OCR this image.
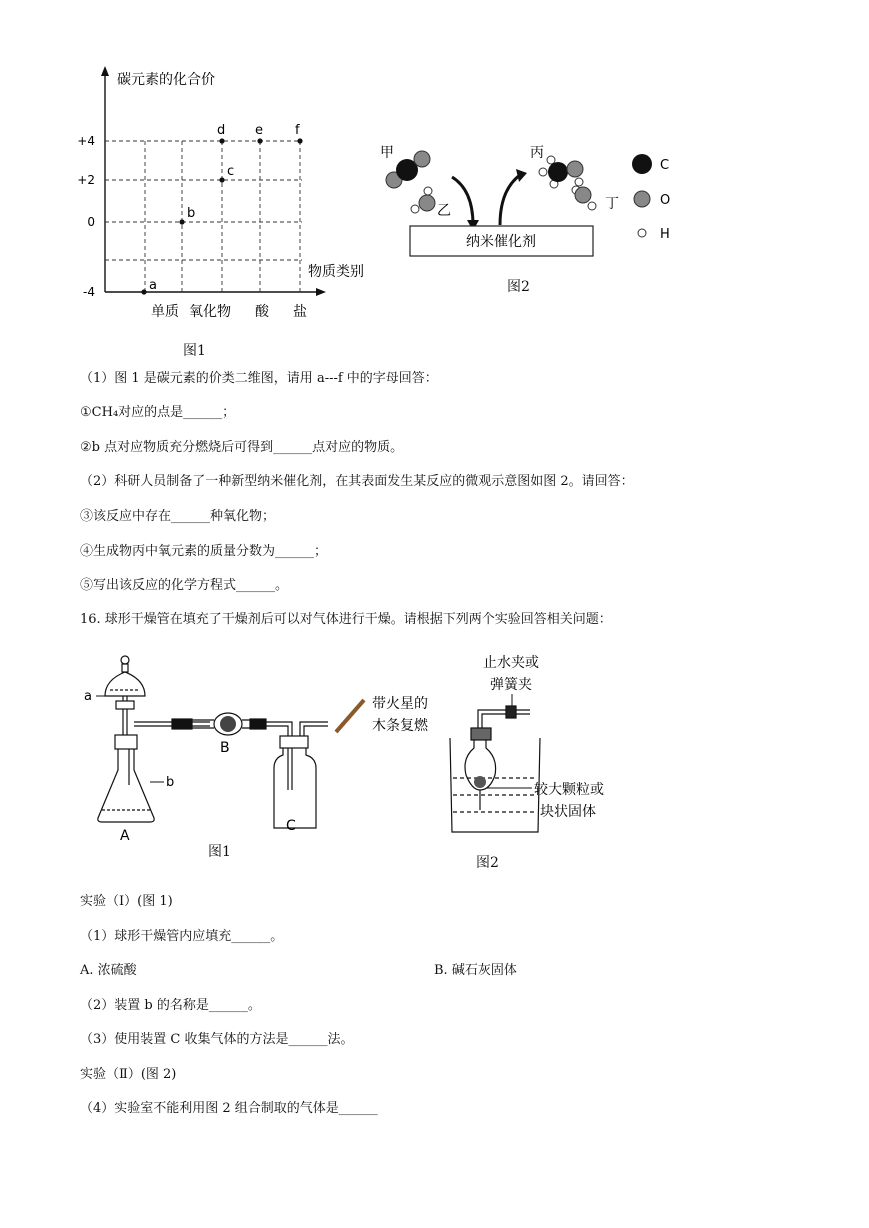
+4
+2
0
-4
碳元素的化合价
物质类别
单质 氧化物 酸 盐
a
b
c
d e f
图1
甲
乙
纳米催化剂
丙
丁
C
O
H
图2
（1）图 1 是碳元素的价类二维图，请用 a---f 中的字母回答：
①CH₄对应的点是______；
②b 点对应物质充分燃烧后可得到______点对应的物质。
（2）科研人员制备了一种新型纳米催化剂，在其表面发生某反应的微观示意图如图 2。请回答：
③该反应中存在______种氧化物；
④生成物丙中氧元素的质量分数为______；
⑤写出该反应的化学方程式______。
16. 球形干燥管在填充了干燥剂后可以对气体进行干燥。请根据下列两个实验回答相关问题：
a
b
A
B
C
带火星的
木条复燃
图1
止水夹或
弹簧夹
较大颗粒或
块状固体
图2
实验（Ⅰ）(图 1)
（1）球形干燥管内应填充______。
A. 浓硫酸	B. 碱石灰固体
（2）装置 b 的名称是______。
（3）使用装置 C 收集气体的方法是______法。
实验（Ⅱ）(图 2)
（4）实验室不能利用图 2 组合制取的气体是______
